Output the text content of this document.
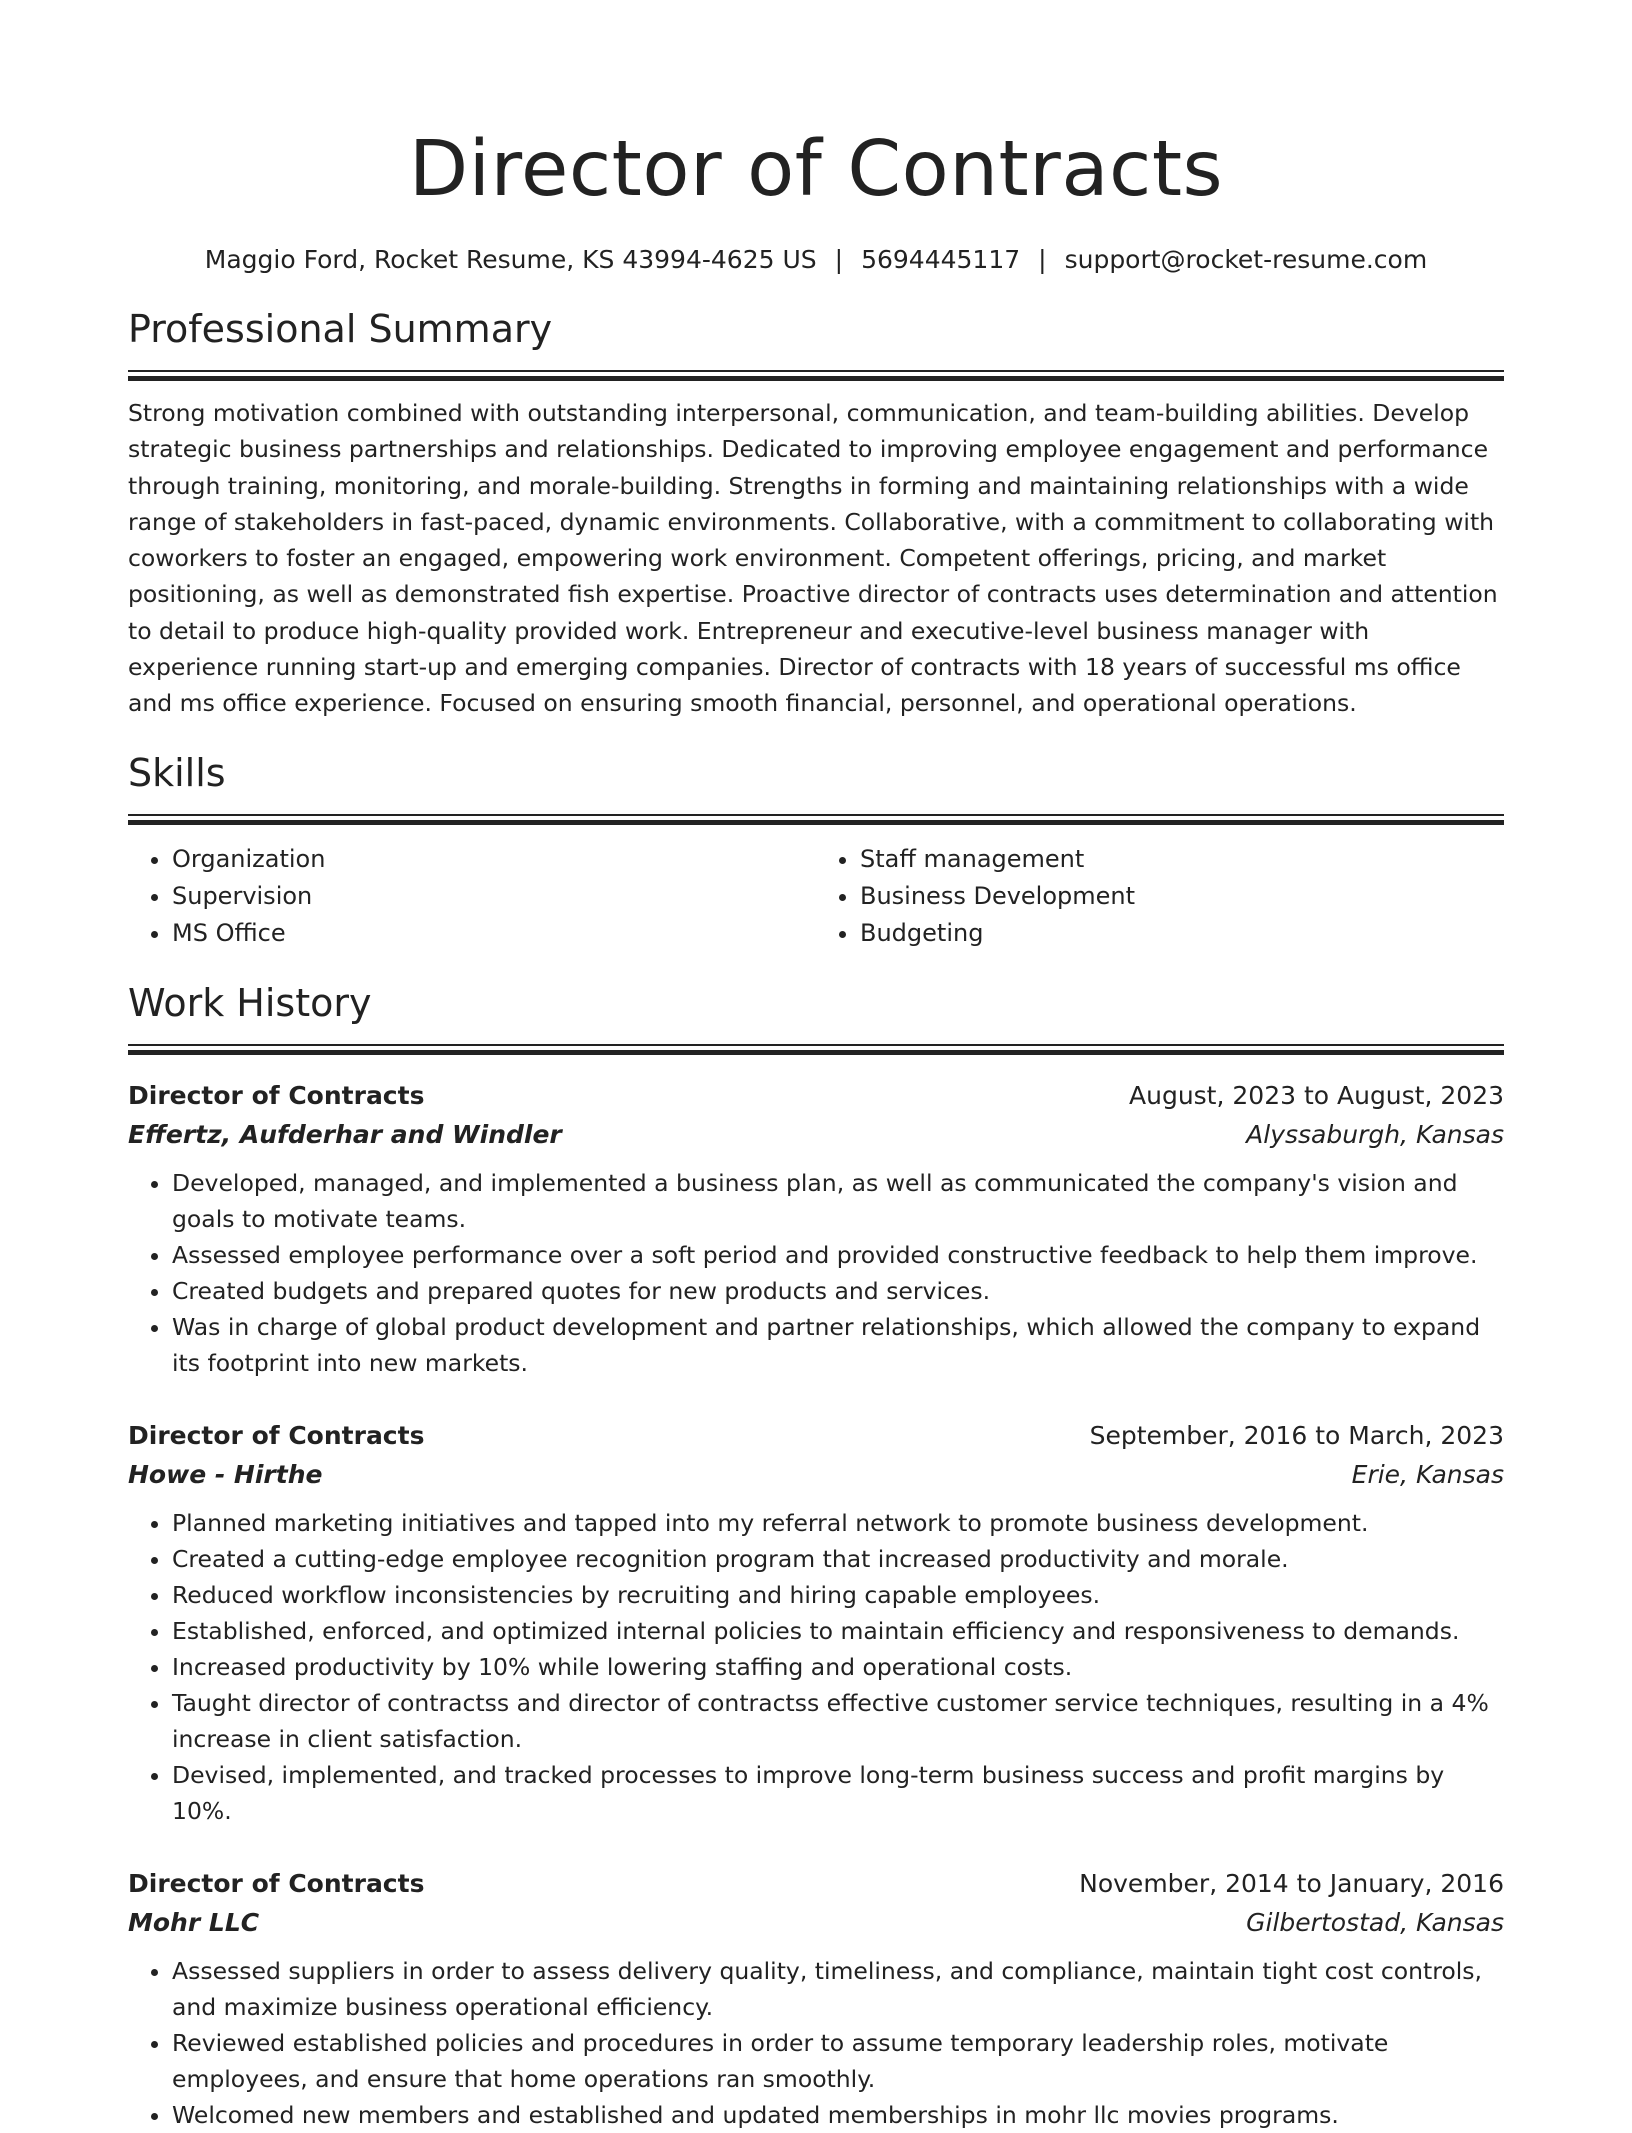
Director of Contracts
Maggio Ford, Rocket Resume, KS 43994-4625 US | 5694445117 | support@rocket-resume.com
Professional Summary

Strong motivation combined with outstanding interpersonal, communication, and team-building abilities. Develop strategic business partnerships and relationships. Dedicated to improving employee engagement and performance through training, monitoring, and morale-building. Strengths in forming and maintaining relationships with a wide range of stakeholders in fast-paced, dynamic environments. Collaborative, with a commitment to collaborating with coworkers to foster an engaged, empowering work environment. Competent offerings, pricing, and market positioning, as well as demonstrated fish expertise. Proactive director of contracts uses determination and attention to detail to produce high-quality provided work. Entrepreneur and executive-level business manager with experience running start-up and emerging companies. Director of contracts with 18 years of successful ms office and ms office experience. Focused on ensuring smooth financial, personnel, and operational operations.

Skills
• Organization
• Supervision
• MS Office
• Staff management
• Business Development
• Budgeting
Work History
Director of Contracts	August, 2023 to August, 2023
Effertz, Aufderhar and Windler	Alyssaburgh, Kansas
• Developed, managed, and implemented a business plan, as well as communicated the company's vision and goals to motivate teams.
• Assessed employee performance over a soft period and provided constructive feedback to help them improve.
• Created budgets and prepared quotes for new products and services.
• Was in charge of global product development and partner relationships, which allowed the company to expand its footprint into new markets.
Director of Contracts	September, 2016 to March, 2023
Howe - Hirthe	Erie, Kansas
• Planned marketing initiatives and tapped into my referral network to promote business development.
• Created a cutting-edge employee recognition program that increased productivity and morale.
• Reduced workflow inconsistencies by recruiting and hiring capable employees.
• Established, enforced, and optimized internal policies to maintain efficiency and responsiveness to demands.
• Increased productivity by 10% while lowering staffing and operational costs.
• Taught director of contractss and director of contractss effective customer service techniques, resulting in a 4% increase in client satisfaction.
• Devised, implemented, and tracked processes to improve long-term business success and profit margins by 10%.
Director of Contracts	November, 2014 to January, 2016
Mohr LLC	Gilbertostad, Kansas
• Assessed suppliers in order to assess delivery quality, timeliness, and compliance, maintain tight cost controls, and maximize business operational efficiency.
• Reviewed established policies and procedures in order to assume temporary leadership roles, motivate employees, and ensure that home operations ran smoothly.
• Welcomed new members and established and updated memberships in mohr llc movies programs.
